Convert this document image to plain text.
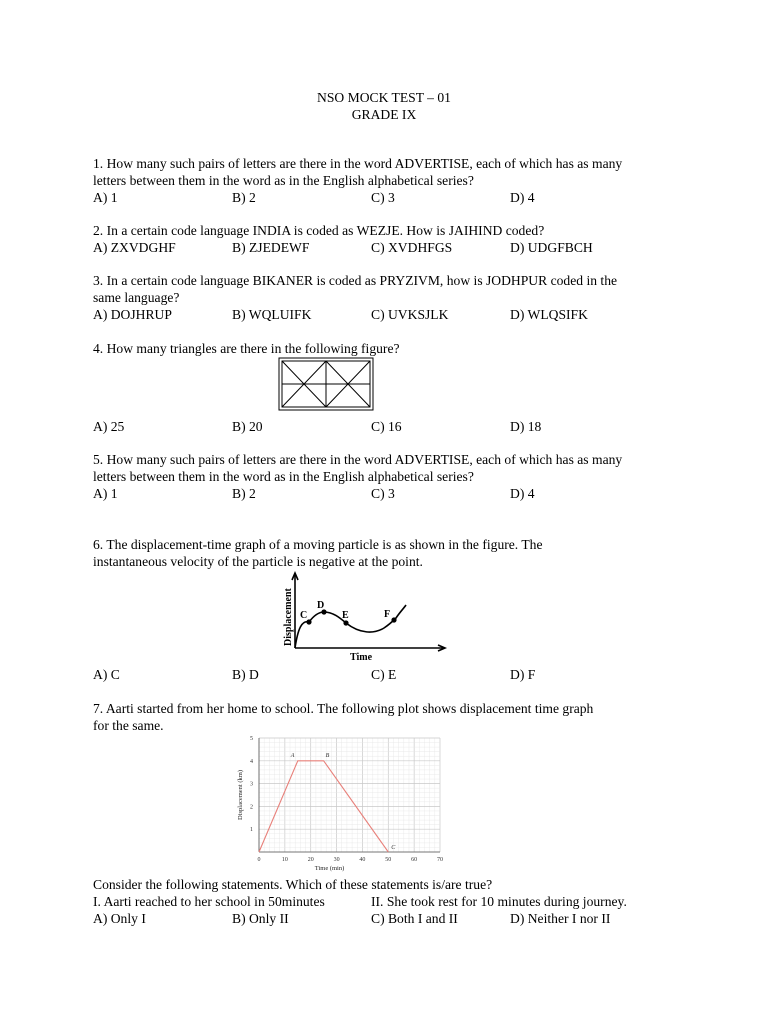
NSO MOCK TEST – 01
GRADE IX
1. How many such pairs of letters are there in the word ADVERTISE, each of which has as many
letters between them in the word as in the English alphabetical series?
A) 1	B) 2	C) 3	D) 4
2. In a certain code language INDIA is coded as WEZJE. How is JAIHIND coded?
A) ZXVDGHF	B) ZJEDEWF	C) XVDHFGS	D) UDGFBCH
3. In a certain code language BIKANER is coded as PRYZIVM, how is JODHPUR coded in the
same language?
A) DOJHRUP	B) WQLUIFK	C) UVKSJLK	D) WLQSIFK
4. How many triangles are there in the following figure?
A) 25	B) 20	C) 16	D) 18
5. How many such pairs of letters are there in the word ADVERTISE, each of which has as many
letters between them in the word as in the English alphabetical series?
A) 1	B) 2	C) 3	D) 4
6. The displacement-time graph of a moving particle is as shown in the figure. The
instantaneous velocity of the particle is negative at the point.
C
D
E	F
Time
Displacement
A) C	B) D	C) E	D) F
7. Aarti started from her home to school. The following plot shows displacement time graph
for the same.
0	10	20	30	40	50	60	70
1
2
3
4
5
A	B
C
Time (min)
Displacement (km)
Consider the following statements. Which of these statements is/are true?
I. Aarti reached to her school in 50minutes	II. She took rest for 10 minutes during journey.
A) Only I	B) Only II	C) Both I and II	D) Neither I nor II
